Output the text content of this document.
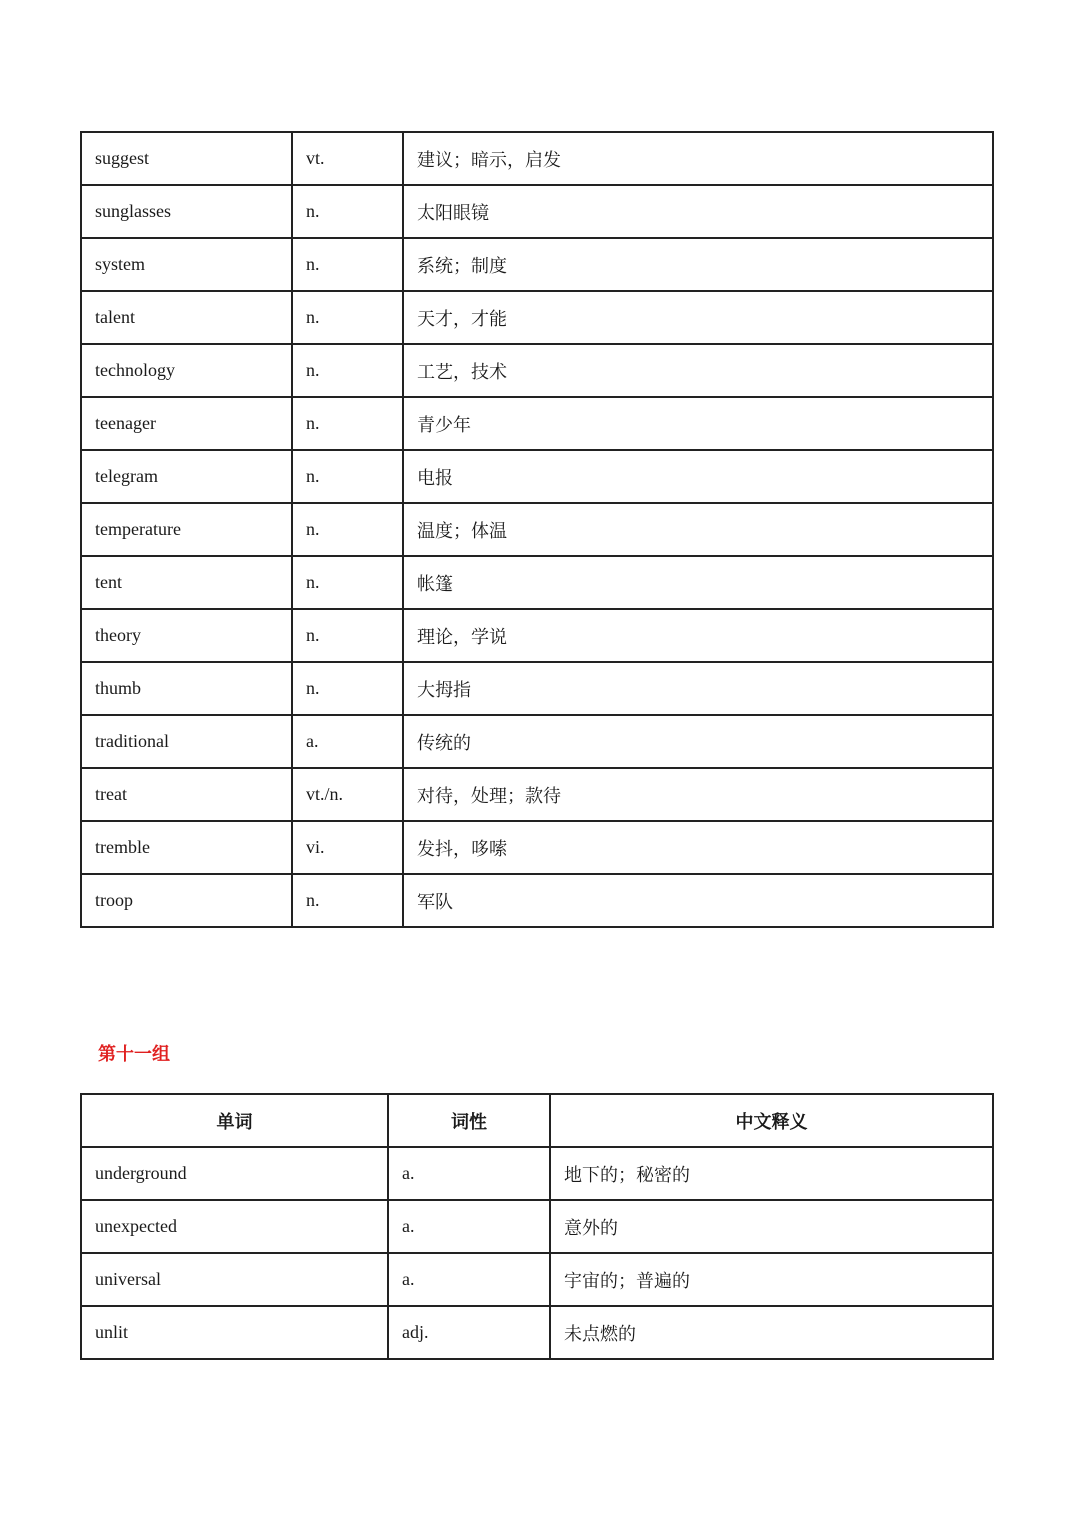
suggest	vt.	建议；暗示，启发
sunglasses	n.	太阳眼镜
system	n.	系统；制度
talent	n.	天才，才能
technology	n.	工艺，技术
teenager	n.	青少年
telegram	n.	电报
temperature	n.	温度；体温
tent	n.	帐篷
theory	n.	理论，学说
thumb	n.	大拇指
traditional	a.	传统的
treat	vt./n.	对待，处理；款待
tremble	vi.	发抖，哆嗦
troop	n.	军队

第十一组

单词	词性	中文释义
underground	a.	地下的；秘密的
unexpected	a.	意外的
universal	a.	宇宙的；普遍的
unlit	adj.	未点燃的
